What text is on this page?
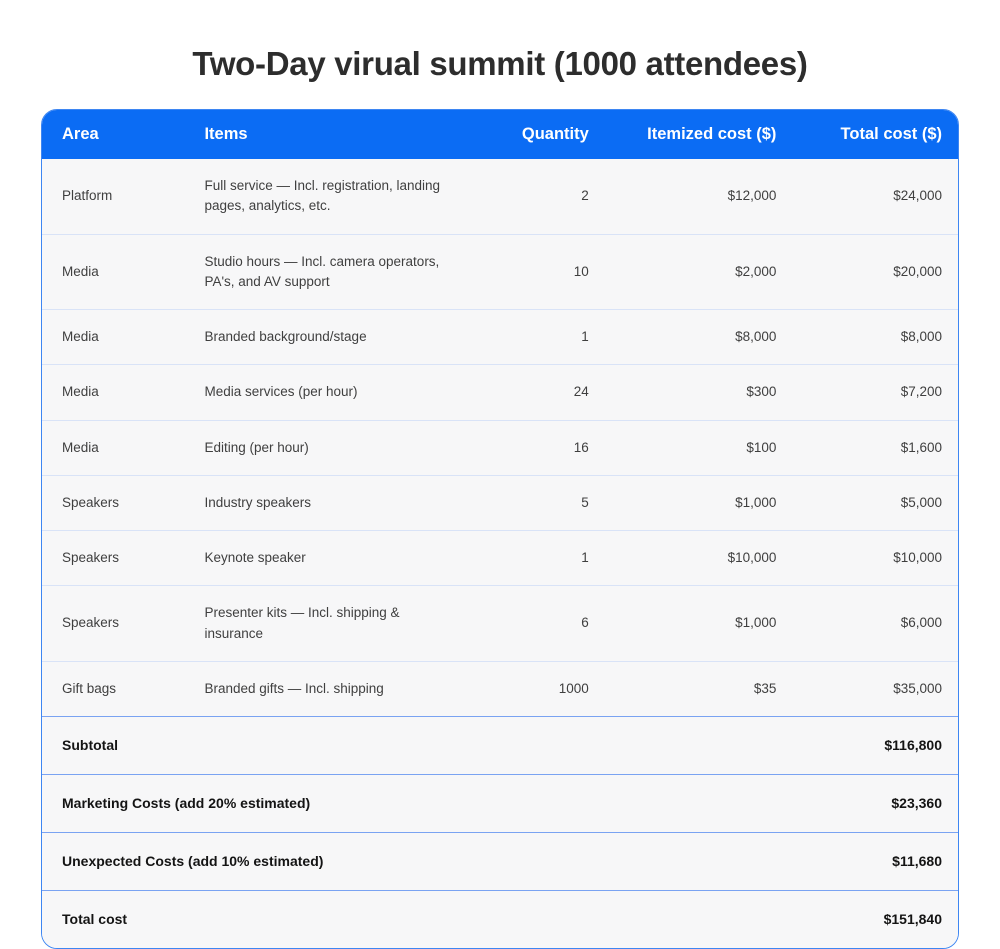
Two-Day virual summit (1000 attendees)
Area	Items	Quantity	Itemized cost ($)	Total cost ($)
Platform	Full service — Incl. registration, landing pages, analytics, etc.	2	$12,000	$24,000
Media	Studio hours — Incl. camera operators, PA's, and AV support	10	$2,000	$20,000
Media	Branded background/stage	1	$8,000	$8,000
Media	Media services (per hour)	24	$300	$7,200
Media	Editing (per hour)	16	$100	$1,600
Speakers	Industry speakers	5	$1,000	$5,000
Speakers	Keynote speaker	1	$10,000	$10,000
Speakers	Presenter kits — Incl. shipping & insurance	6	$1,000	$6,000
Gift bags	Branded gifts — Incl. shipping	1000	$35	$35,000
Subtotal				$116,800
Marketing Costs (add 20% estimated)				$23,360
Unexpected Costs (add 10% estimated)				$11,680
Total cost				$151,840
